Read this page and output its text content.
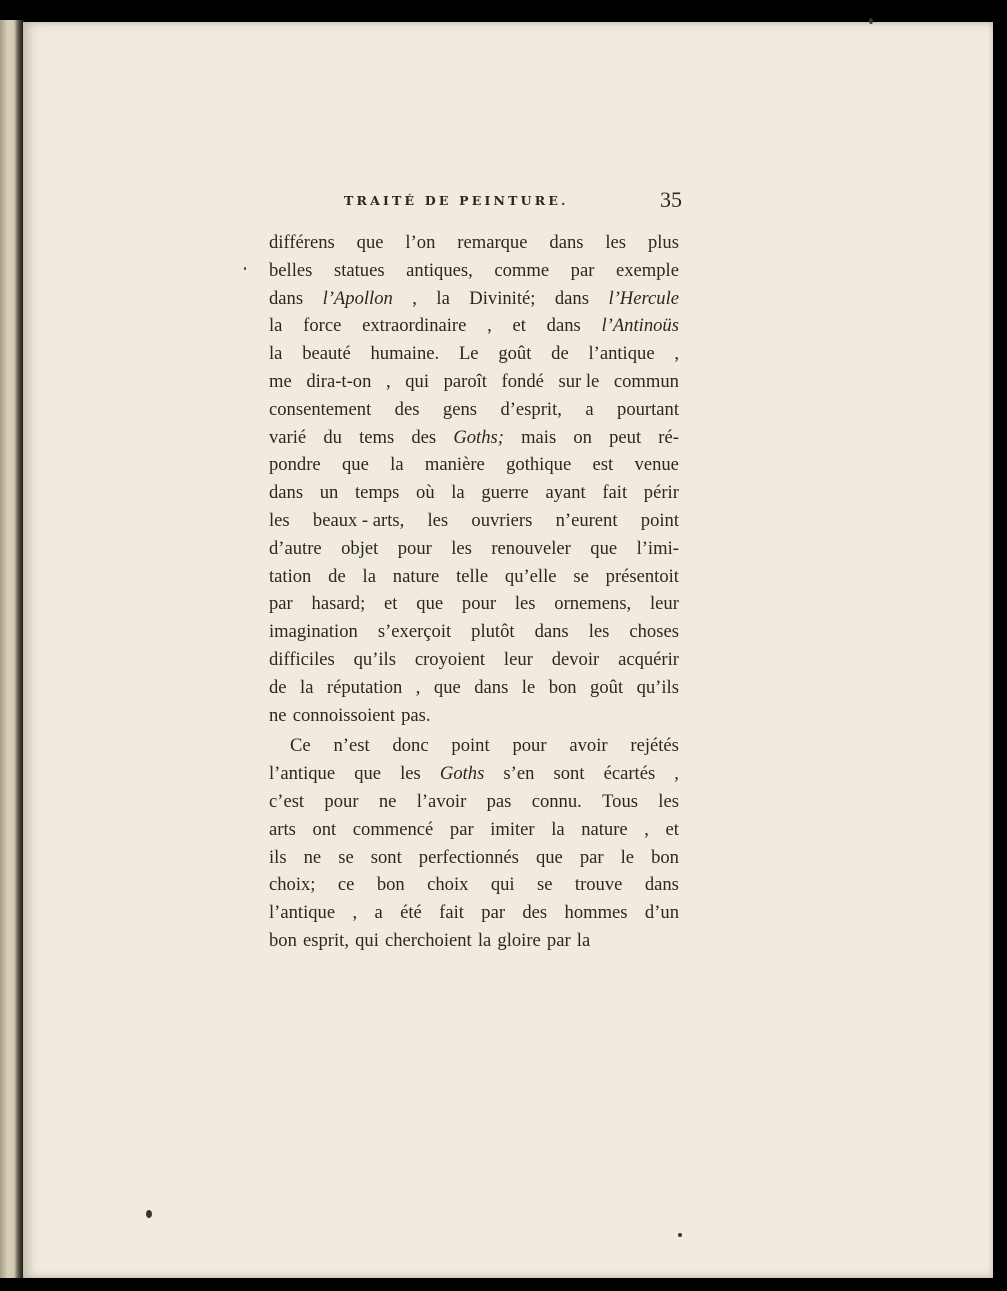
TRAITÉ DE PEINTURE.	35
différens que l’on remarque dans les plus
belles statues antiques, comme par exemple
dans l’Apollon , la Divinité; dans l’Hercule
la force extraordinaire , et dans l’Antinoüs
la beauté humaine. Le goût de l’antique ,
me dira-t-on , qui paroît fondé sur le commun
consentement des gens d’esprit, a pourtant
varié du tems des Goths; mais on peut ré-
pondre que la manière gothique est venue
dans un temps où la guerre ayant fait périr
les beaux - arts, les ouvriers n’eurent point
d’autre objet pour les renouveler que l’imi-
tation de la nature telle qu’elle se présentoit
par hasard; et que pour les ornemens, leur
imagination s’exerçoit plutôt dans les choses
difficiles qu’ils croyoient leur devoir acquérir
de la réputation , que dans le bon goût qu’ils
ne connoissoient pas.
Ce n’est donc point pour avoir rejétés
l’antique que les Goths s’en sont écartés ,
c’est pour ne l’avoir pas connu. Tous les
arts ont commencé par imiter la nature , et
ils ne se sont perfectionnés que par le bon
choix; ce bon choix qui se trouve dans
l’antique , a été fait par des hommes d’un
bon esprit, qui cherchoient la gloire par la
